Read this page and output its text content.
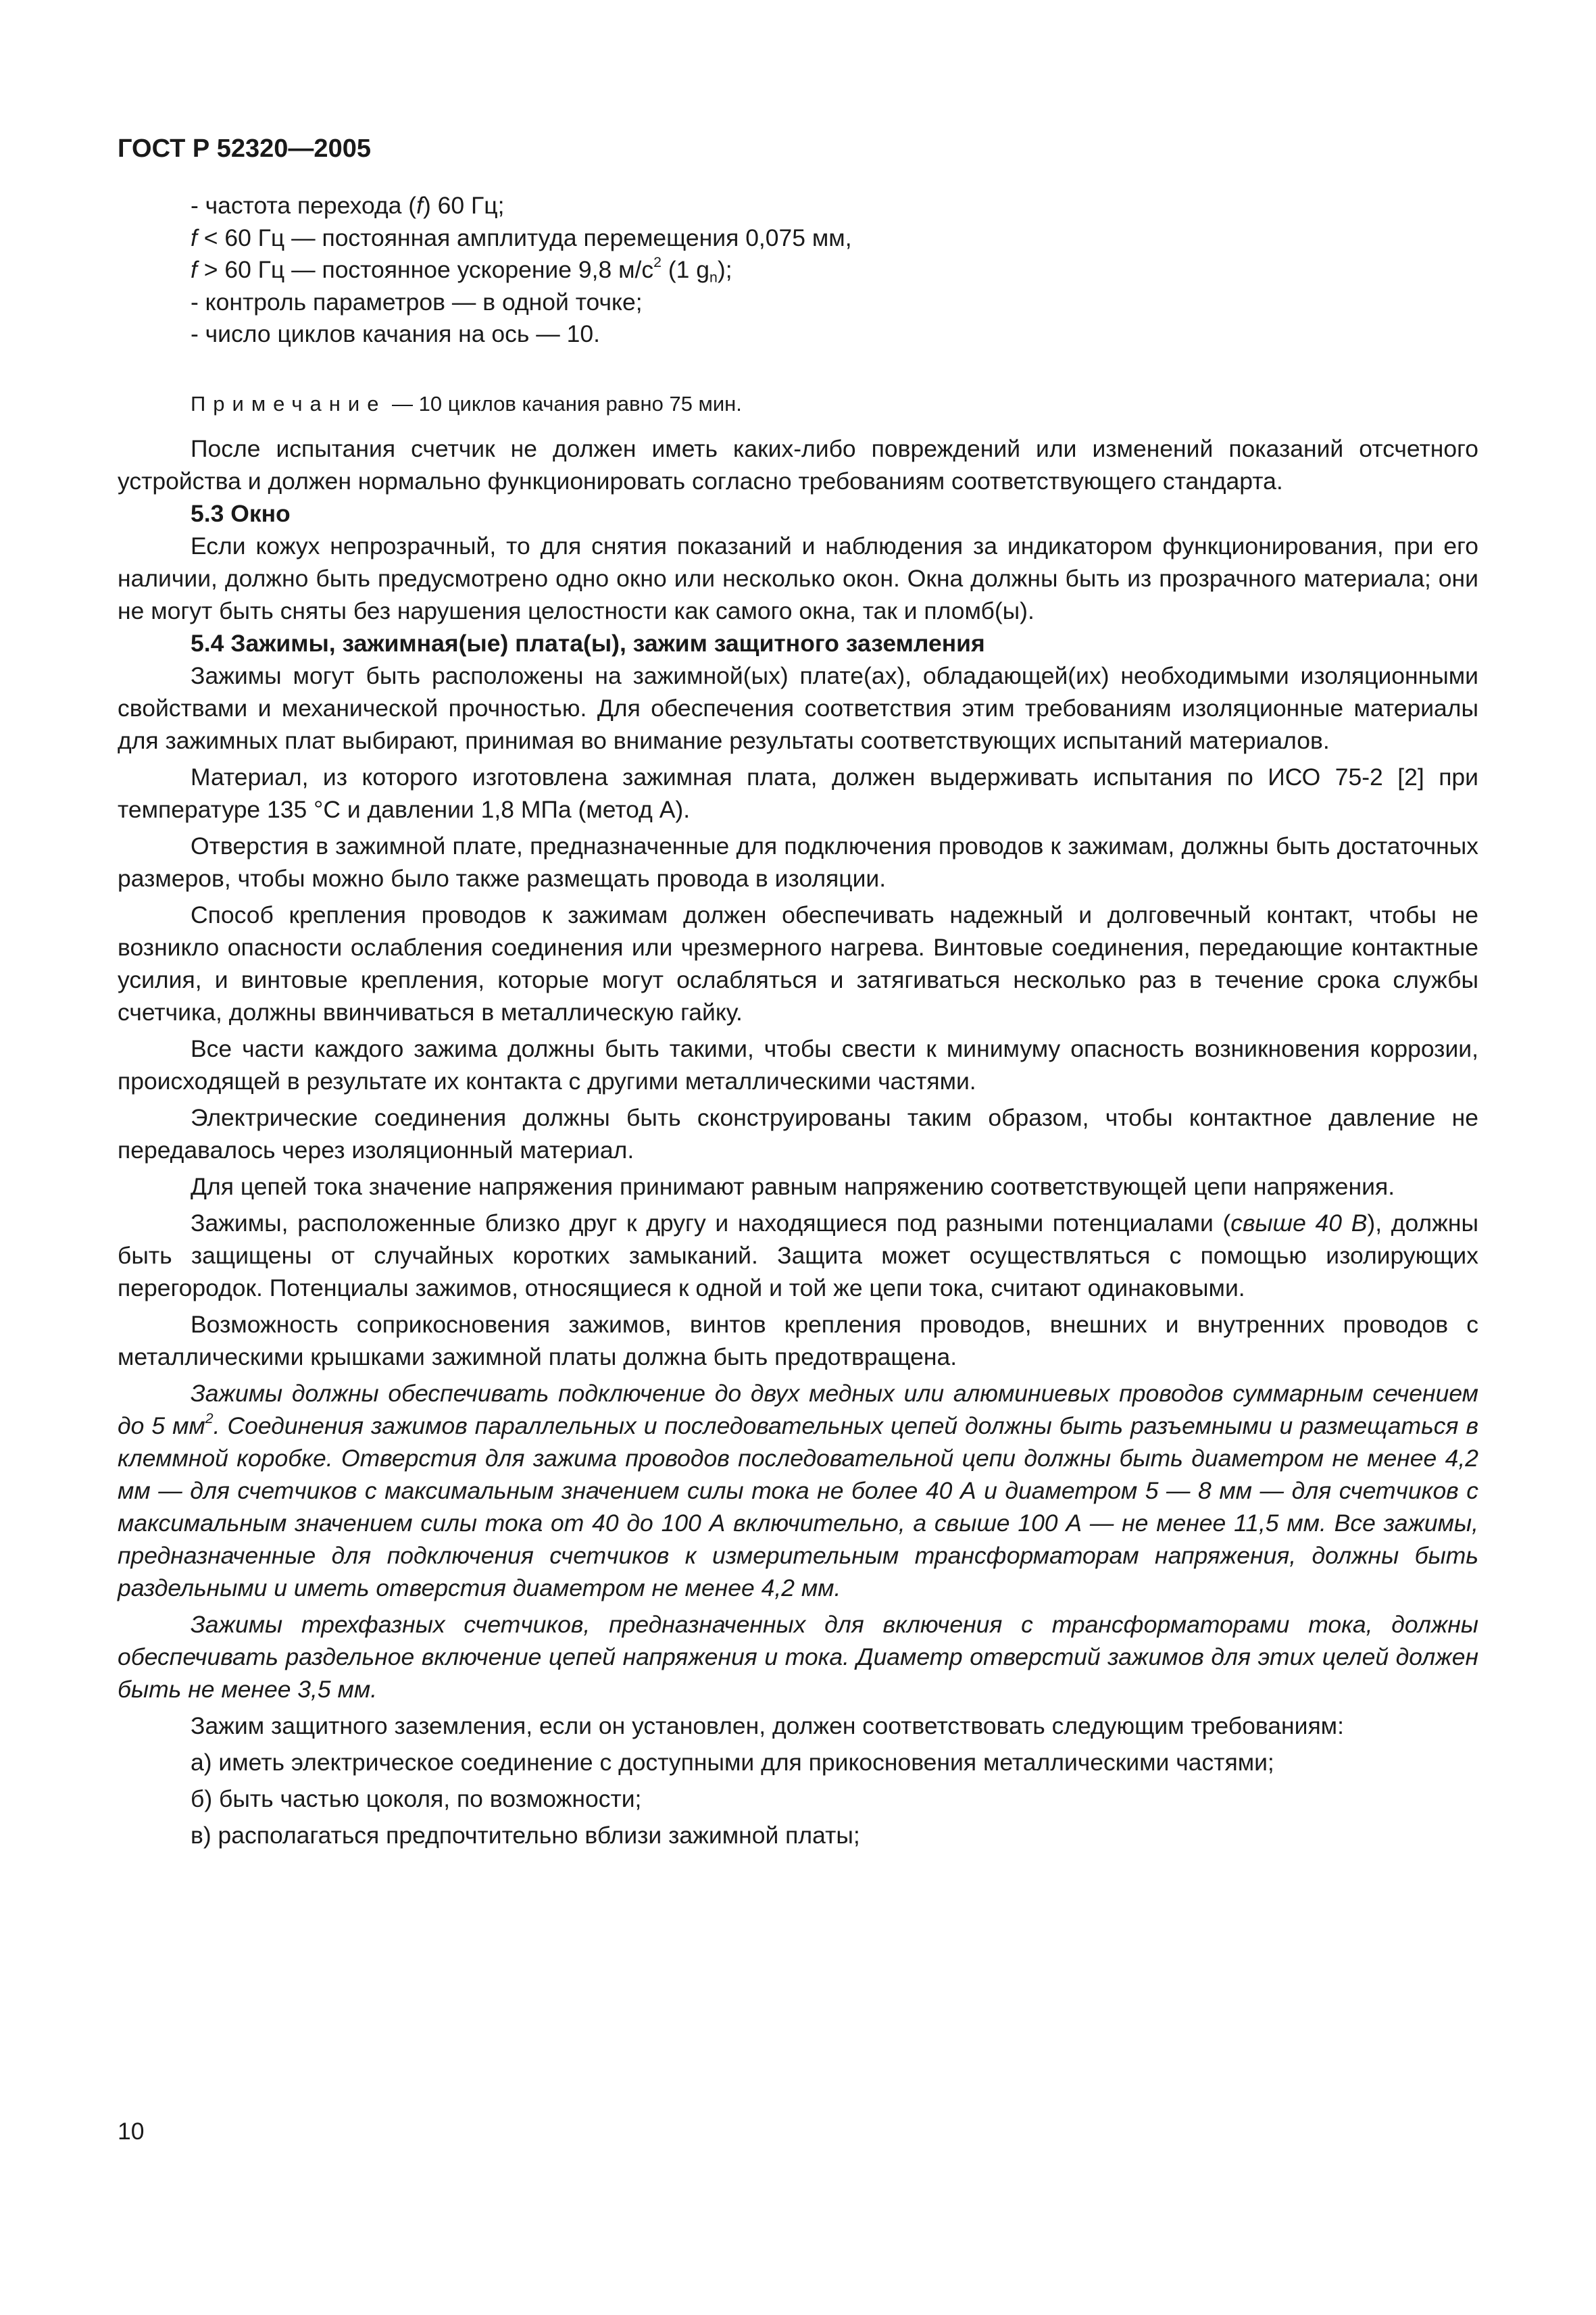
ГОСТ Р 52320—2005
- частота перехода (f) 60 Гц;
f < 60 Гц — постоянная амплитуда перемещения 0,075 мм,
f > 60 Гц — постоянное ускорение 9,8 $м/с^2$ (1 $g_n$);
- контроль параметров — в одной точке;
- число циклов качания на ось — 10.
Примечание — 10 циклов качания равно 75 мин.

После испытания счетчик не должен иметь каких-либо повреждений или изменений показаний отсчетного устройства и должен нормально функционировать согласно требованиям соответствующего стандарта.

5.3 Окно

Если кожух непрозрачный, то для снятия показаний и наблюдения за индикатором функционирования, при его наличии, должно быть предусмотрено одно окно или несколько окон. Окна должны быть из прозрачного материала; они не могут быть сняты без нарушения целостности как самого окна, так и пломб(ы).

5.4 Зажимы, зажимная(ые) плата(ы), зажим защитного заземления

Зажимы могут быть расположены на зажимной(ых) плате(ах), обладающей(их) необходимыми изоляционными свойствами и механической прочностью. Для обеспечения соответствия этим требованиям изоляционные материалы для зажимных плат выбирают, принимая во внимание результаты соответствующих испытаний материалов.

Материал, из которого изготовлена зажимная плата, должен выдерживать испытания по ИСО 75-2 [2] при температуре 135 °С и давлении 1,8 МПа (метод А).

Отверстия в зажимной плате, предназначенные для подключения проводов к зажимам, должны быть достаточных размеров, чтобы можно было также размещать провода в изоляции.

Способ крепления проводов к зажимам должен обеспечивать надежный и долговечный контакт, чтобы не возникло опасности ослабления соединения или чрезмерного нагрева. Винтовые соединения, передающие контактные усилия, и винтовые крепления, которые могут ослабляться и затягиваться несколько раз в течение срока службы счетчика, должны ввинчиваться в металлическую гайку.

Все части каждого зажима должны быть такими, чтобы свести к минимуму опасность возникновения коррозии, происходящей в результате их контакта с другими металлическими частями.

Электрические соединения должны быть сконструированы таким образом, чтобы контактное давление не передавалось через изоляционный материал.

Для цепей тока значение напряжения принимают равным напряжению соответствующей цепи напряжения.

Зажимы, расположенные близко друг к другу и находящиеся под разными потенциалами (свыше 40 В), должны быть защищены от случайных коротких замыканий. Защита может осуществляться с помощью изолирующих перегородок. Потенциалы зажимов, относящиеся к одной и той же цепи тока, считают одинаковыми.

Возможность соприкосновения зажимов, винтов крепления проводов, внешних и внутренних проводов с металлическими крышками зажимной платы должна быть предотвращена.

Зажимы должны обеспечивать подключение до двух медных или алюминиевых проводов суммарным сечением до 5 $мм^2$. Соединения зажимов параллельных и последовательных цепей должны быть разъемными и размещаться в клеммной коробке. Отверстия для зажима проводов последовательной цепи должны быть диаметром не менее 4,2 мм — для счетчиков с максимальным значением силы тока не более 40 А и диаметром 5 — 8 мм — для счетчиков с максимальным значением силы тока от 40 до 100 А включительно, а свыше 100 А — не менее 11,5 мм. Все зажимы, предназначенные для подключения счетчиков к измерительным трансформаторам напряжения, должны быть раздельными и иметь отверстия диаметром не менее 4,2 мм.

Зажимы трехфазных счетчиков, предназначенных для включения с трансформаторами тока, должны обеспечивать раздельное включение цепей напряжения и тока. Диаметр отверстий зажимов для этих целей должен быть не менее 3,5 мм.

Зажим защитного заземления, если он установлен, должен соответствовать следующим требованиям:

а) иметь электрическое соединение с доступными для прикосновения металлическими частями;

б) быть частью цоколя, по возможности;

в) располагаться предпочтительно вблизи зажимной платы;

10
